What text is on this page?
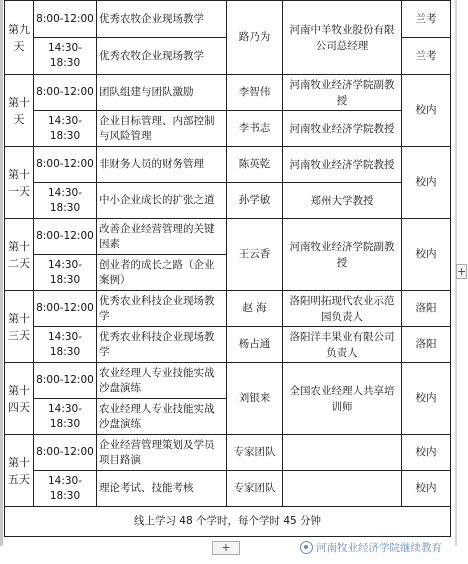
第九天	8:00-12:00	优秀农牧企业现场教学	路乃为	河南中羊牧业股份有限公司总经理	兰考
	14:30-18:30	优秀农牧企业现场教学			兰考
第十天	8:00-12:00	团队组建与团队激励	李智伟	河南牧业经济学院副教授	校内
	14:30-18:30	企业目标管理、内部控制与风险管理	李书志	河南牧业经济学院教授	
第十一天	8:00-12:00	非财务人员的财务管理	陈英乾	河南牧业经济学院教授	校内
	14:30-18:30	中小企业成长的扩张之道	孙学敏	郑州大学教授	
第十二天	8:00-12:00	改善企业经营管理的关键因素	王云香	河南牧业经济学院副教授	校内
	14:30-18:30	创业者的成长之路（企业案例）			
第十三天	8:00-12:00	优秀农业科技企业现场教学	赵 海	洛阳明拓现代农业示范园负责人	洛阳
	14:30-18:30	优秀农业科技企业现场教学	杨占通	洛阳洋丰果业有限公司负责人	洛阳
第十四天	8:00-12:00	农业经理人专业技能实战沙盘演练	刘银来	全国农业经理人共享培训师	校内
	14:30-18:30	农业经理人专业技能实战沙盘演练			
第十五天	8:00-12:00	企业经营管理策划及学员项目路演	专家团队		校内
	14:30-18:30	理论考试、技能考核	专家团队		校内
线上学习 48 个学时，每个学时 45 分钟					
+
+	河南牧业经济学院继续教育
